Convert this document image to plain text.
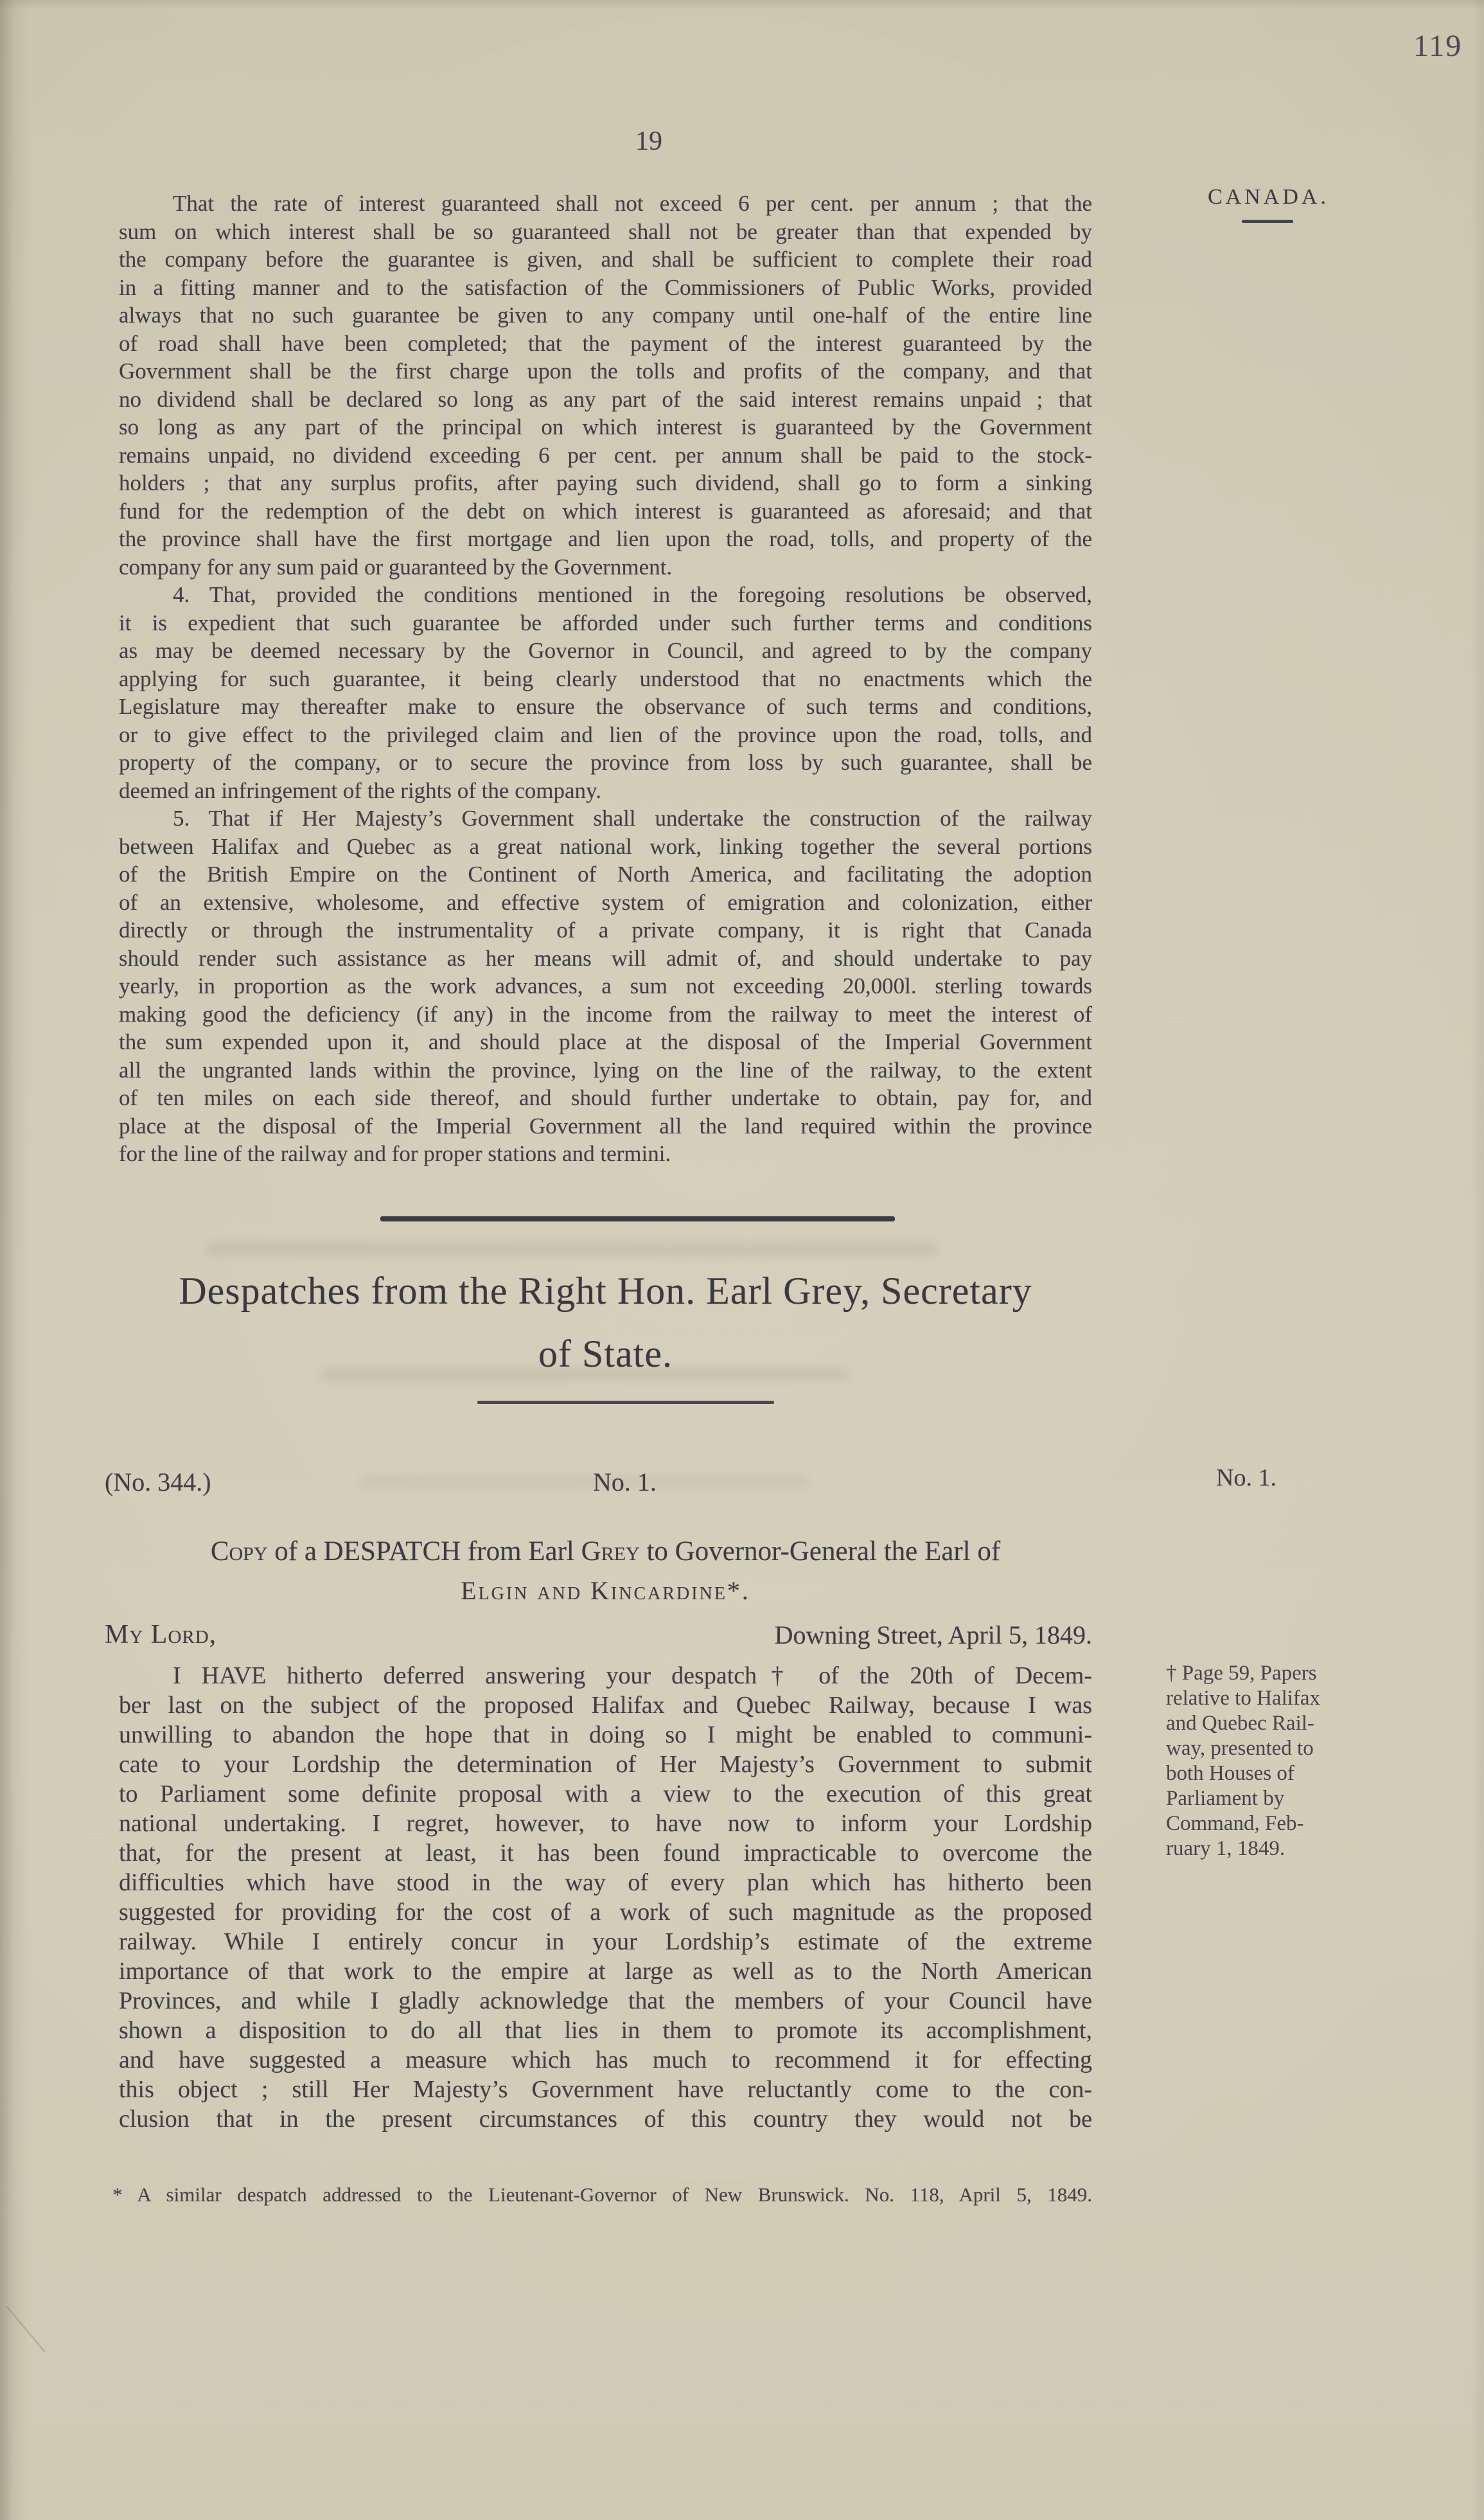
119
19
CANADA.
That the rate of interest guaranteed shall not exceed 6 per cent. per annum ; that the
sum on which interest shall be so guaranteed shall not be greater than that expended by
the company before the guarantee is given, and shall be sufficient to complete their road
in a fitting manner and to the satisfaction of the Commissioners of Public Works, provided
always that no such guarantee be given to any company until one-half of the entire line
of road shall have been completed; that the payment of the interest guaranteed by the
Government shall be the first charge upon the tolls and profits of the company, and that
no dividend shall be declared so long as any part of the said interest remains unpaid ; that
so long as any part of the principal on which interest is guaranteed by the Government
remains unpaid, no dividend exceeding 6 per cent. per annum shall be paid to the stock-
holders ; that any surplus profits, after paying such dividend, shall go to form a sinking
fund for the redemption of the debt on which interest is guaranteed as aforesaid; and that
the province shall have the first mortgage and lien upon the road, tolls, and property of the
company for any sum paid or guaranteed by the Government.
4. That, provided the conditions mentioned in the foregoing resolutions be observed,
it is expedient that such guarantee be afforded under such further terms and conditions
as may be deemed necessary by the Governor in Council, and agreed to by the company
applying for such guarantee, it being clearly understood that no enactments which the
Legislature may thereafter make to ensure the observance of such terms and conditions,
or to give effect to the privileged claim and lien of the province upon the road, tolls, and
property of the company, or to secure the province from loss by such guarantee, shall be
deemed an infringement of the rights of the company.
5. That if Her Majesty’s Government shall undertake the construction of the railway
between Halifax and Quebec as a great national work, linking together the several portions
of the British Empire on the Continent of North America, and facilitating the adoption
of an extensive, wholesome, and effective system of emigration and colonization, either
directly or through the instrumentality of a private company, it is right that Canada
should render such assistance as her means will admit of, and should undertake to pay
yearly, in proportion as the work advances, a sum not exceeding 20,000l. sterling towards
making good the deficiency (if any) in the income from the railway to meet the interest of
the sum expended upon it, and should place at the disposal of the Imperial Government
all the ungranted lands within the province, lying on the line of the railway, to the extent
of ten miles on each side thereof, and should further undertake to obtain, pay for, and
place at the disposal of the Imperial Government all the land required within the province
for the line of the railway and for proper stations and termini.
Despatches from the Right Hon. Earl Grey, Secretary
of State.
(No. 344.)	No. 1.	No. 1.
Copy of a DESPATCH from Earl Grey to Governor-General the Earl of
Elgin and Kincardine*.
My Lord,	Downing Street, April 5, 1849.
I HAVE hitherto deferred answering your despatch† of the 20th of Decem-
ber last on the subject of the proposed Halifax and Quebec Railway, because I was
unwilling to abandon the hope that in doing so I might be enabled to communi-
cate to your Lordship the determination of Her Majesty’s Government to submit
to Parliament some definite proposal with a view to the execution of this great
national undertaking. I regret, however, to have now to inform your Lordship
that, for the present at least, it has been found impracticable to overcome the
difficulties which have stood in the way of every plan which has hitherto been
suggested for providing for the cost of a work of such magnitude as the proposed
railway. While I entirely concur in your Lordship’s estimate of the extreme
importance of that work to the empire at large as well as to the North American
Provinces, and while I gladly acknowledge that the members of your Council have
shown a disposition to do all that lies in them to promote its accomplishment,
and have suggested a measure which has much to recommend it for effecting
this object ; still Her Majesty’s Government have reluctantly come to the con-
clusion that in the present circumstances of this country they would not be
† Page 59, Papers
relative to Halifax
and Quebec Rail-
way, presented to
both Houses of
Parliament by
Command, Feb-
ruary 1, 1849.
* A similar despatch addressed to the Lieutenant-Governor of New Brunswick. No. 118, April 5, 1849.
